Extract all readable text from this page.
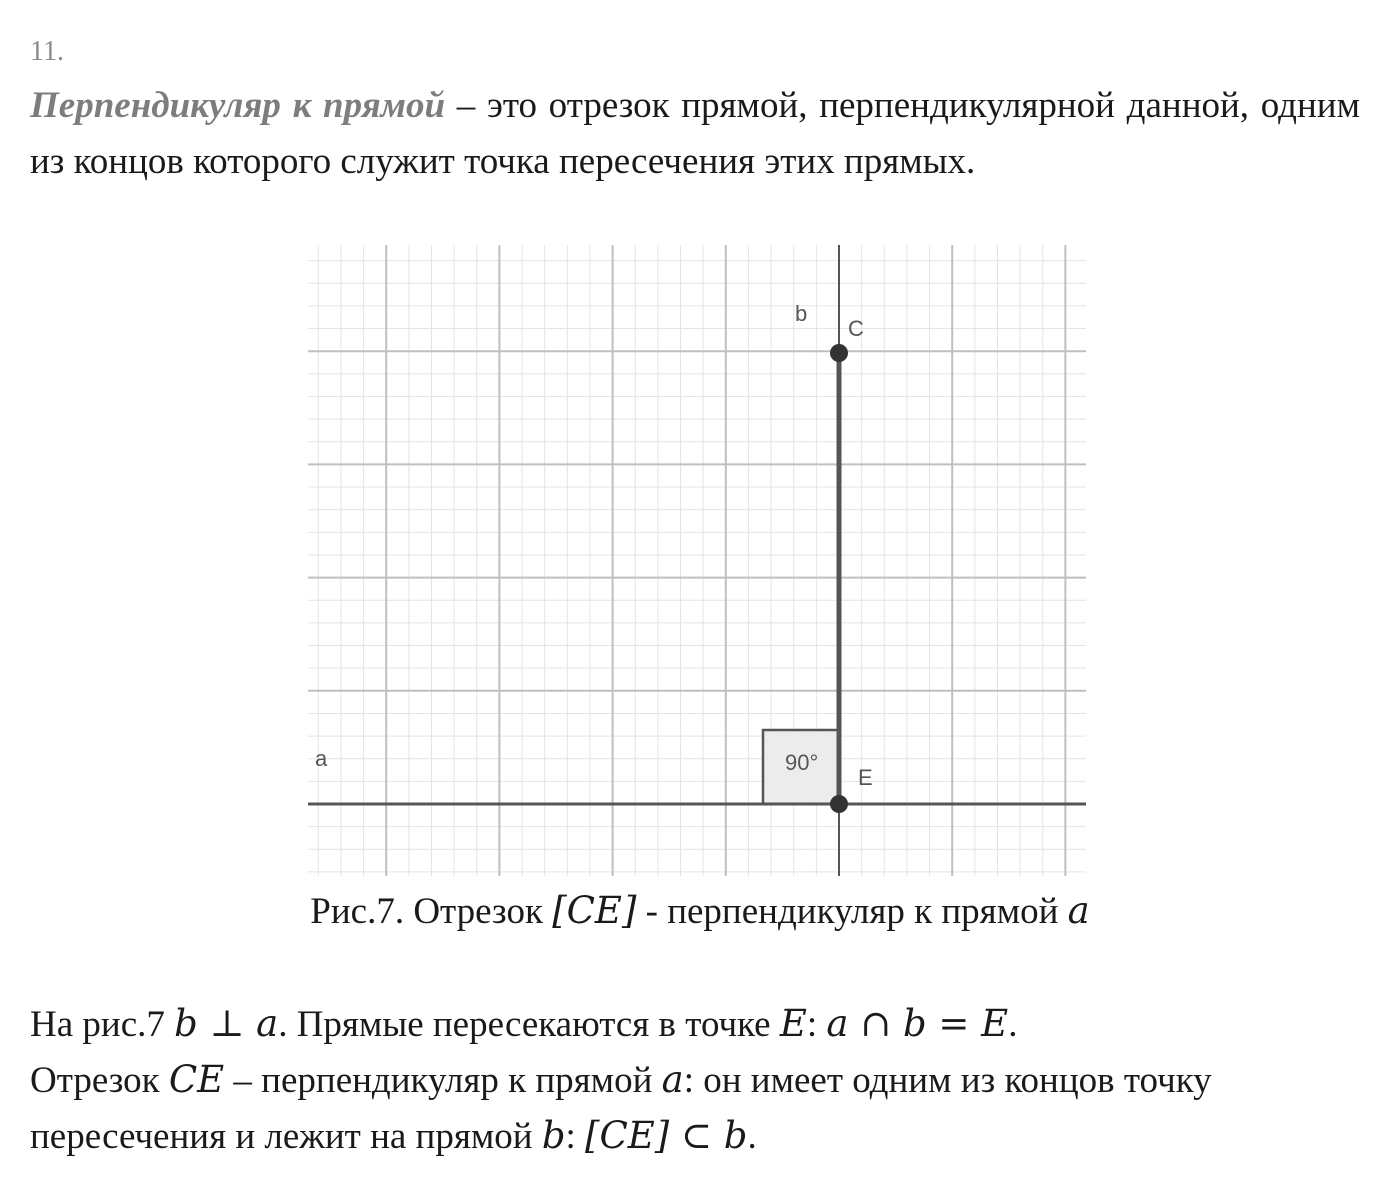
11.
Перпендикуляр к прямой – это отрезок прямой, перпендикулярной данной, одним из концов которого служит точка пересечения этих прямых.
a
b
C
E
90°
Рис.7. Отрезок [CE] - перпендикуляр к прямой a
На рис.7 b ⊥ a. Прямые пересекаются в точке E: a ∩ b = E.
Отрезок CE – перпендикуляр к прямой a: он имеет одним из концов точку
пересечения и лежит на прямой b: [CE] ⊂ b.
